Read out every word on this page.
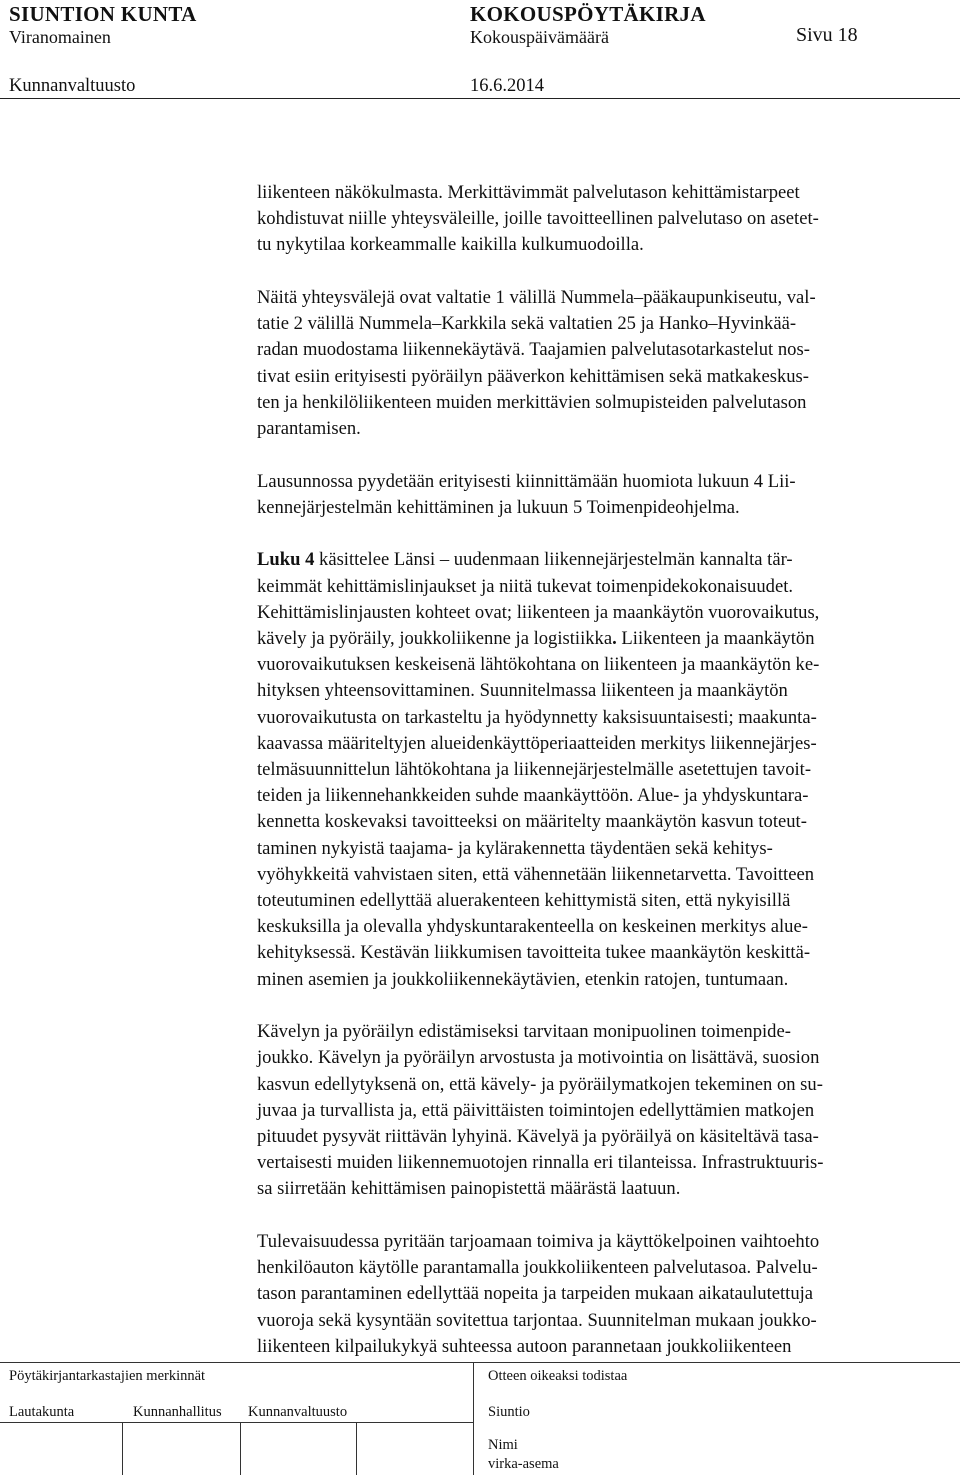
SIUNTION KUNTA	KOKOUSPÖYTÄKIRJA
Viranomainen	Kokouspäivämäärä	Sivu 18
Kunnanvaltuusto	16.6.2014

liikenteen näkökulmasta. Merkittävimmät palvelutason kehittämistarpeet
kohdistuvat niille yhteysväleille, joille tavoitteellinen palvelutaso on asetet-
tu nykytilaa korkeammalle kaikilla kulkumuodoilla.

Näitä yhteysvälejä ovat valtatie 1 välillä Nummela–pääkaupunkiseutu, val-
tatie 2 välillä Nummela–Karkkila sekä valtatien 25 ja Hanko–Hyvinkää-
radan muodostama liikennekäytävä. Taajamien palvelutasotarkastelut nos-
tivat esiin erityisesti pyöräilyn pääverkon kehittämisen sekä matkakeskus-
ten ja henkilöliikenteen muiden merkittävien solmupisteiden palvelutason
parantamisen.

Lausunnossa pyydetään erityisesti kiinnittämään huomiota lukuun 4 Lii-
kennejärjestelmän kehittäminen ja lukuun 5 Toimenpideohjelma.

Luku 4 käsittelee Länsi – uudenmaan liikennejärjestelmän kannalta tär-
keimmät kehittämislinjaukset ja niitä tukevat toimenpidekokonaisuudet.
Kehittämislinjausten kohteet ovat; liikenteen ja maankäytön vuorovaikutus,
kävely ja pyöräily, joukkoliikenne ja logistiikka. Liikenteen ja maankäytön
vuorovaikutuksen keskeisenä lähtökohtana on liikenteen ja maankäytön ke-
hityksen yhteensovittaminen. Suunnitelmassa liikenteen ja maankäytön
vuorovaikutusta on tarkasteltu ja hyödynnetty kaksisuuntaisesti; maakunta-
kaavassa määriteltyjen alueidenkäyttöperiaatteiden merkitys liikennejärjes-
telmäsuunnittelun lähtökohtana ja liikennejärjestelmälle asetettujen tavoit-
teiden ja liikennehankkeiden suhde maankäyttöön. Alue- ja yhdyskuntara-
kennetta koskevaksi tavoitteeksi on määritelty maankäytön kasvun toteut-
taminen nykyistä taajama- ja kylärakennetta täydentäen sekä kehitys-
vyöhykkeitä vahvistaen siten, että vähennetään liikennetarvetta. Tavoitteen
toteutuminen edellyttää aluerakenteen kehittymistä siten, että nykyisillä
keskuksilla ja olevalla yhdyskuntarakenteella on keskeinen merkitys alue-
kehityksessä. Kestävän liikkumisen tavoitteita tukee maankäytön keskittä-
minen asemien ja joukkoliikennekäytävien, etenkin ratojen, tuntumaan.

Kävelyn ja pyöräilyn edistämiseksi tarvitaan monipuolinen toimenpide-
joukko. Kävelyn ja pyöräilyn arvostusta ja motivointia on lisättävä, suosion
kasvun edellytyksenä on, että kävely- ja pyöräilymatkojen tekeminen on su-
juvaa ja turvallista ja, että päivittäisten toimintojen edellyttämien matkojen
pituudet pysyvät riittävän lyhyinä. Kävelyä ja pyöräilyä on käsiteltävä tasa-
vertaisesti muiden liikennemuotojen rinnalla eri tilanteissa. Infrastruktuuris-
sa siirretään kehittämisen painopistettä määrästä laatuun.

Tulevaisuudessa pyritään tarjoamaan toimiva ja käyttökelpoinen vaihtoehto
henkilöauton käytölle parantamalla joukkoliikenteen palvelutasoa. Palvelu-
tason parantaminen edellyttää nopeita ja tarpeiden mukaan aikataulutettuja
vuoroja sekä kysyntään sovitettua tarjontaa. Suunnitelman mukaan joukko-
liikenteen kilpailukykyä suhteessa autoon parannetaan joukkoliikenteen

Pöytäkirjantarkastajien merkinnät	Otteen oikeaksi todistaa
Lautakunta	Kunnanhallitus Kunnanvaltuusto	Siuntio
Nimi
virka-asema
